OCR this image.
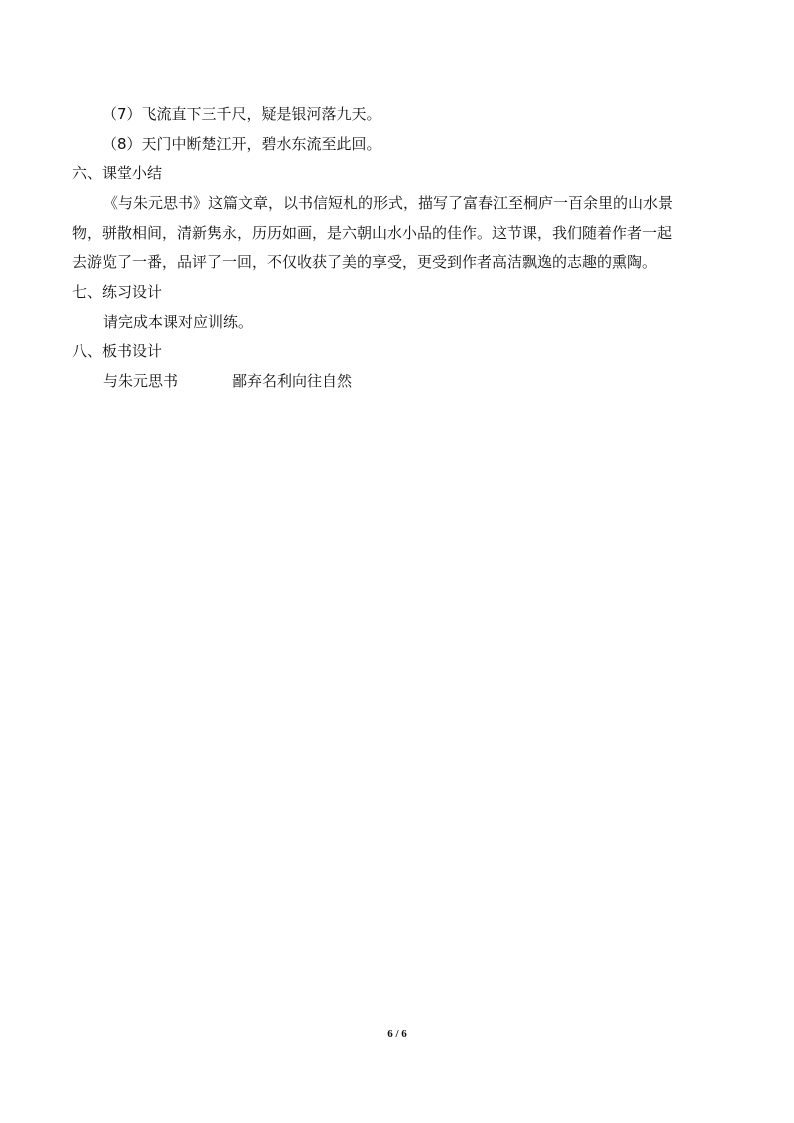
（7）飞流直下三千尺，疑是银河落九天。
（8）天门中断楚江开，碧水东流至此回。
六、课堂小结
《与朱元思书》这篇文章，以书信短札的形式，描写了富春江至桐庐一百余里的山水景
物，骈散相间，清新隽永，历历如画，是六朝山水小品的佳作。这节课，我们随着作者一起
去游览了一番，品评了一回，不仅收获了美的享受，更受到作者高洁飘逸的志趣的熏陶。
七、练习设计
请完成本课对应训练。
八、板书设计
与朱元思书	鄙弃名利向往自然
6 / 6
